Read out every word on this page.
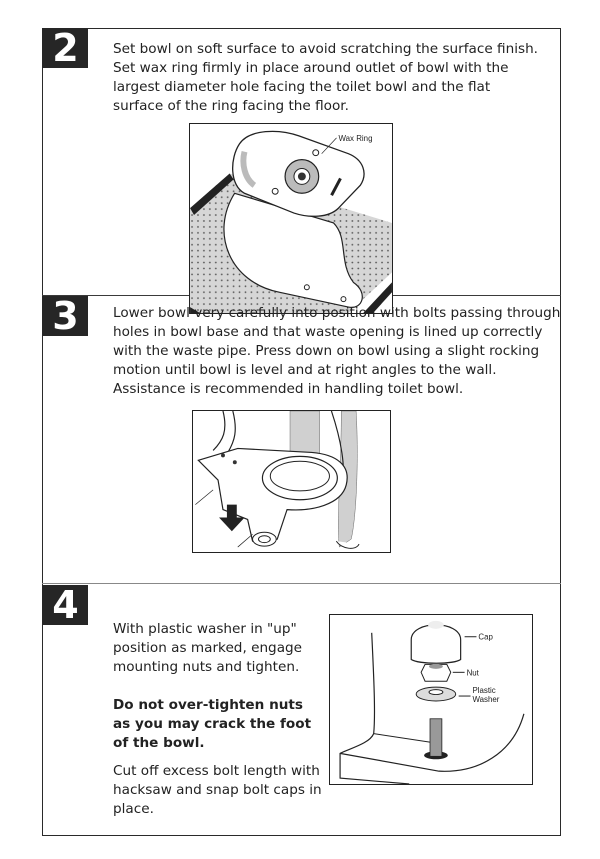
2	Set bowl on soft surface to avoid scratching the surface finish. Set wax ring firmly in place around outlet of bowl with the largest diameter hole facing the toilet bowl and the flat surface of the ring facing the floor.

Wax Ring
3	Lower bowl very carefully into position with bolts passing through holes in bowl base and that waste opening is lined up correctly with the waste pipe. Press down on bowl using a slight rocking motion until bowl is level and at right angles to the wall. Assistance is recommended in handling toilet bowl.

4

With plastic washer in "up" position as marked, engage mounting nuts and tighten.

Do not over-tighten nuts as you may crack the foot of the bowl.

Cut off excess bolt length with hacksaw and snap bolt caps in place.

Cap
Nut
Plastic
Washer
